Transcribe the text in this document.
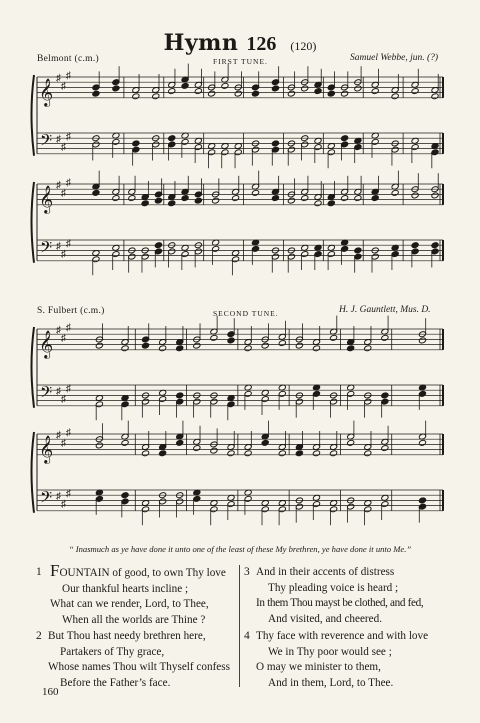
Hymn 126 (120)
Belmont (c.m.)	FIRST TUNE.	Samuel Webbe, jun. (?)
S. Fulbert (c.m.)	SECOND TUNE.	H. J. Gauntlett, Mus. D.
𝄞
𝄢
♯
♯
♯
♯
♯
♯
𝄞
𝄢
♯
♯
♯
♯
♯
♯
𝄞
𝄢
♯
♯
♯
♯
♯
♯
𝄞
𝄢
♯
♯
♯
♯
♯
♯
“ Inasmuch as ye have done it unto one of the least of these My brethren, ye have done it unto Me.”
1 FOUNTAIN of good, to own Thy love
Our thankful hearts incline ;
What can we render, Lord, to Thee,
When all the worlds are Thine ?
2 But Thou hast needy brethren here,
Partakers of Thy grace,
Whose names Thou wilt Thyself confess
Before the Father’s face.
3 And in their accents of distress
Thy pleading voice is heard ;
In them Thou mayst be clothed, and fed,
And visited, and cheered.
4 Thy face with reverence and with love
We in Thy poor would see ;
O may we minister to them,
And in them, Lord, to Thee.
160
